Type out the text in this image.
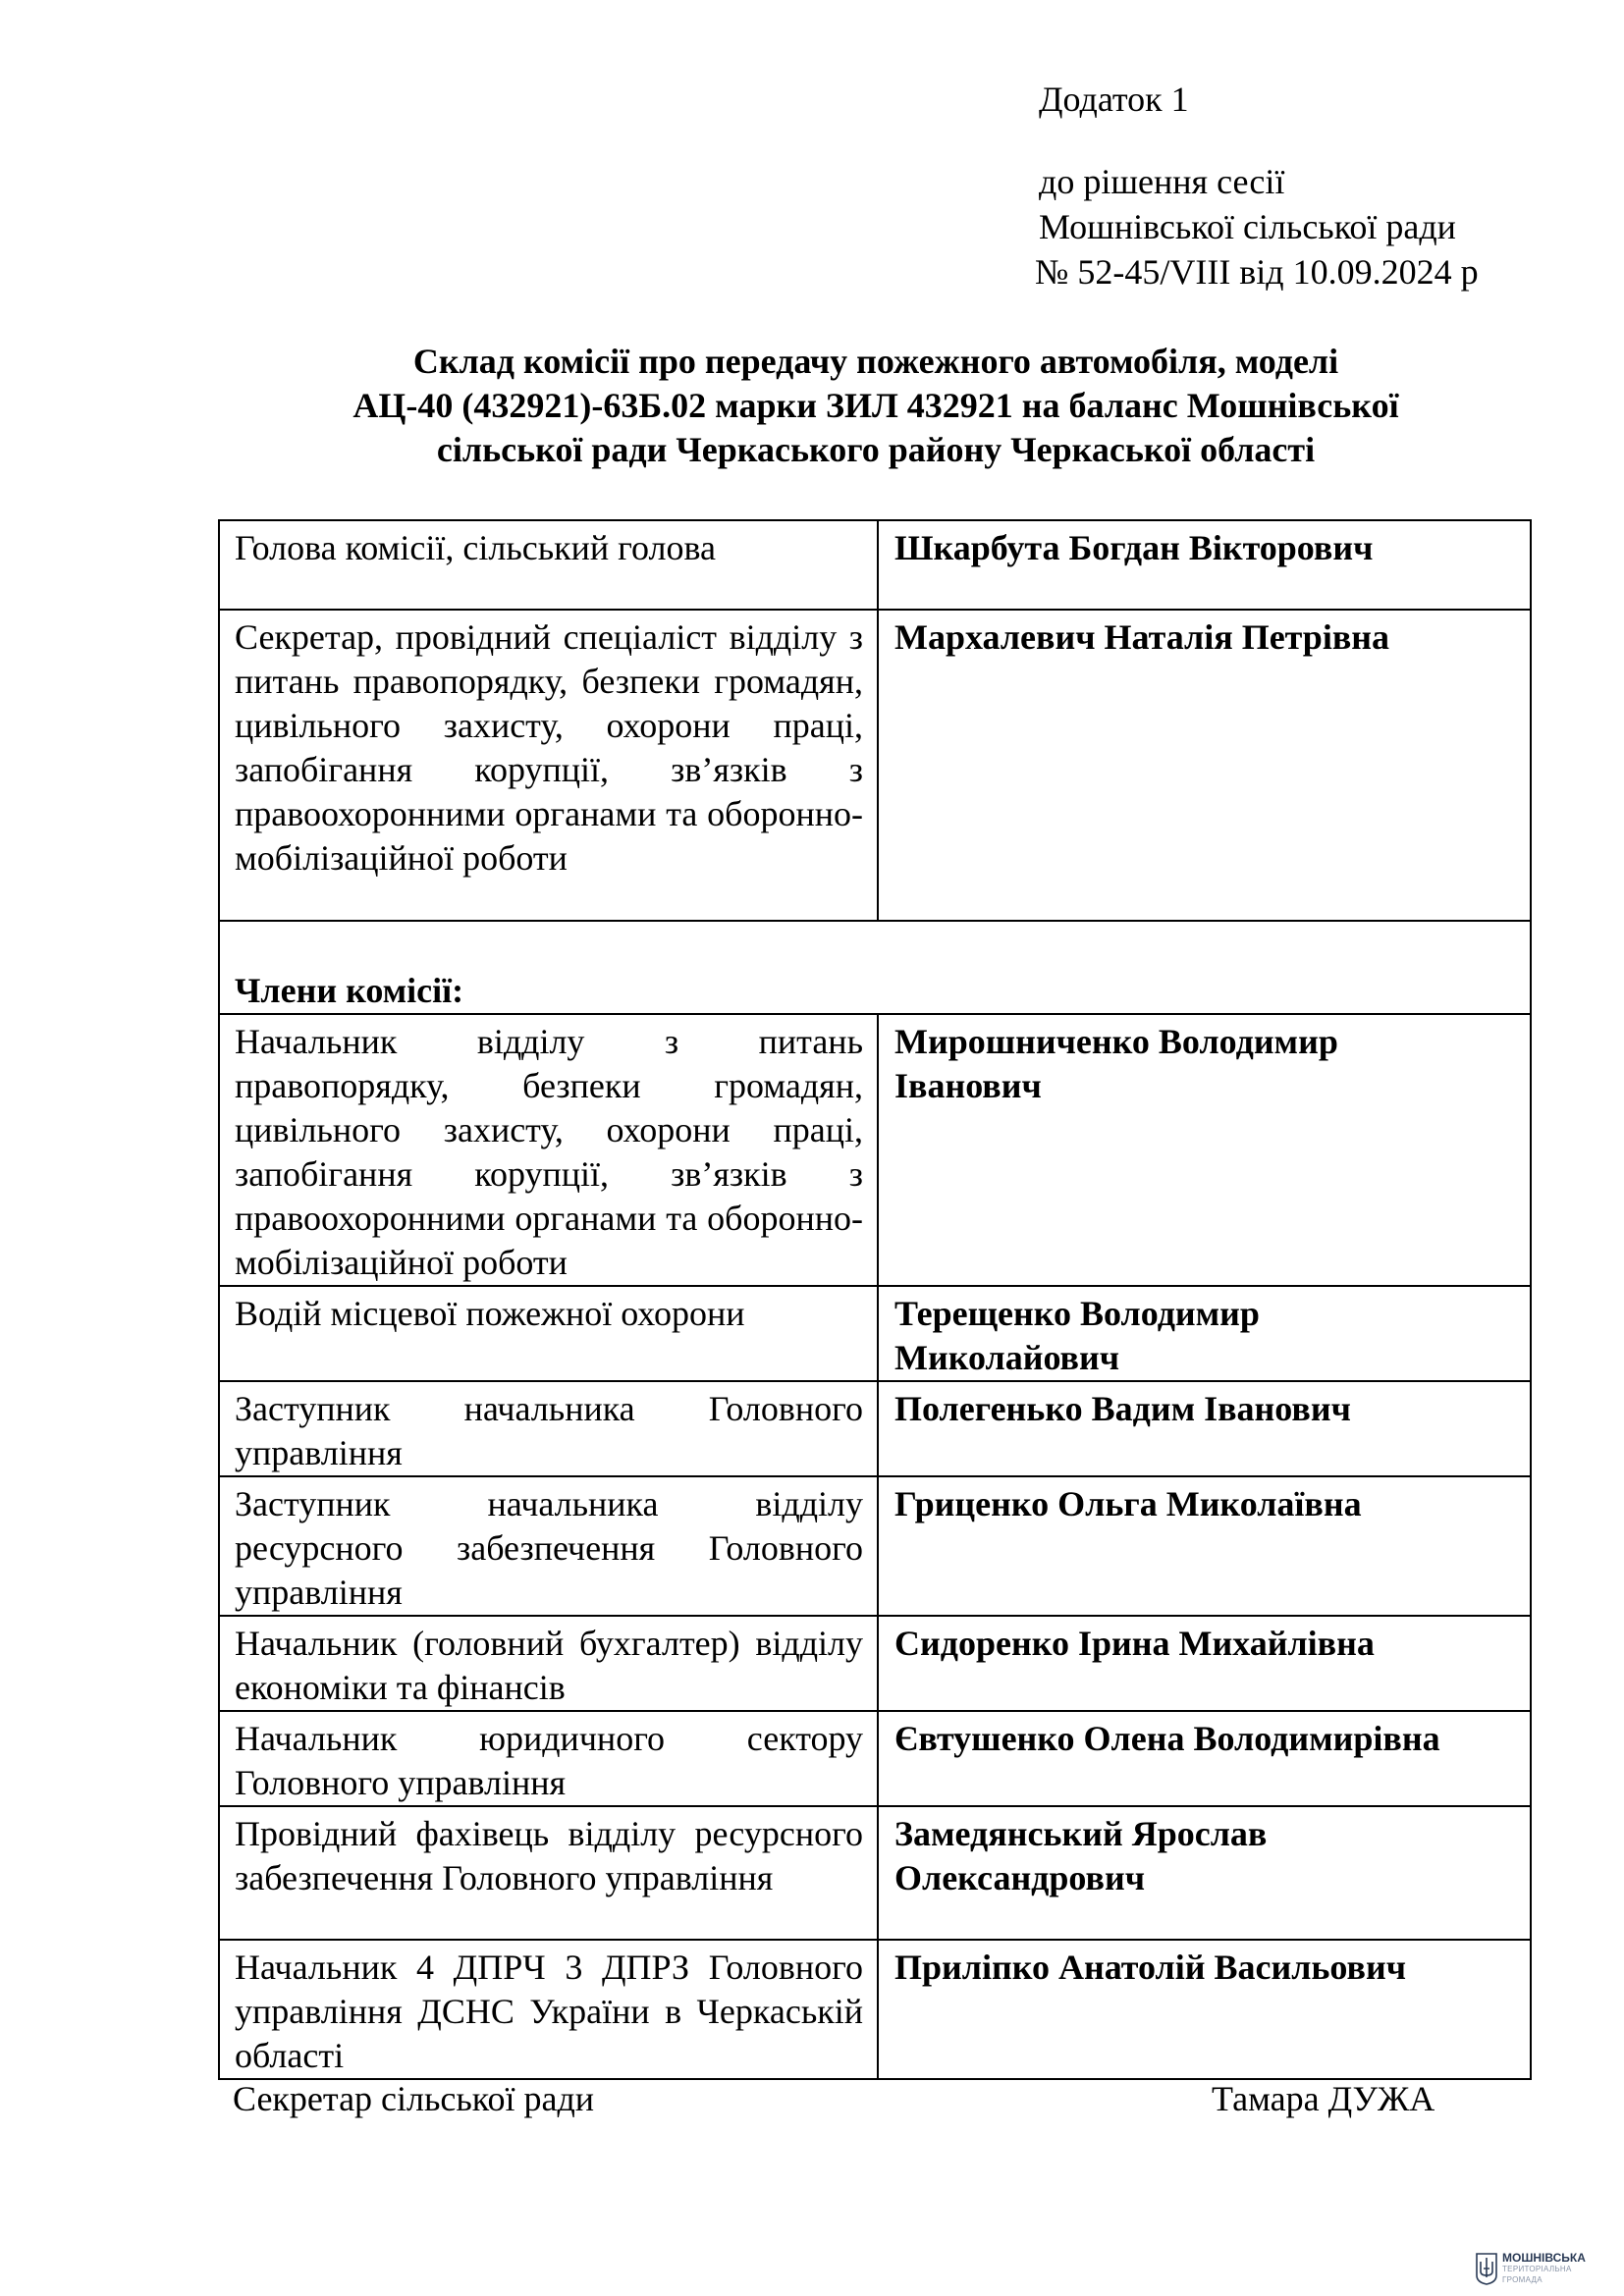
Додаток 1
до рішення сесії
Мошнівської сільської ради
№ 52-45/VIII від 10.09.2024 р
Склад комісії про передачу пожежного автомобіля, моделі
АЦ-40 (432921)-63Б.02 марки ЗИЛ 432921 на баланс Мошнівської
сільської ради Черкаського району Черкаської області
Голова комісії, сільський голова	Шкарбута Богдан Вікторович
Секретар, провідний спеціаліст відділу з питань правопорядку, безпеки громадян, цивільного захисту, охорони праці, запобігання корупції, зв’язків з правоохоронними органами та оборонно-мобілізаційної роботи	Мархалевич Наталія Петрівна
Члени комісії:	
Начальник відділу з питань правопорядку, безпеки громадян, цивільного захисту, охорони праці, запобігання корупції, зв’язків з правоохоронними органами та оборонно-мобілізаційної роботи	Мирошниченко Володимир
Іванович

Водій місцевої пожежної охорони	Терещенко Володимир
Миколайович

Заступник начальника Головного управління	Полегенько Вадим Іванович
Заступник начальника відділу ресурсного забезпечення Головного управління	Гриценко Ольга Миколаївна
Начальник (головний бухгалтер) відділу економіки та фінансів	Сидоренко Ірина Михайлівна
Начальник юридичного сектору Головного управління	Євтушенко Олена Володимирівна
Провідний фахівець відділу ресурсного забезпечення Головного управління	Замедянський Ярослав
Олександрович

Начальник 4 ДПРЧ 3 ДПРЗ Головного управління ДСНС України в Черкаській області	Приліпко Анатолій Васильович
Секретар сільської ради	Тамара ДУЖА
МОШНІВСЬКА
ТЕРИТОРІАЛЬНА
ГРОМАДА
